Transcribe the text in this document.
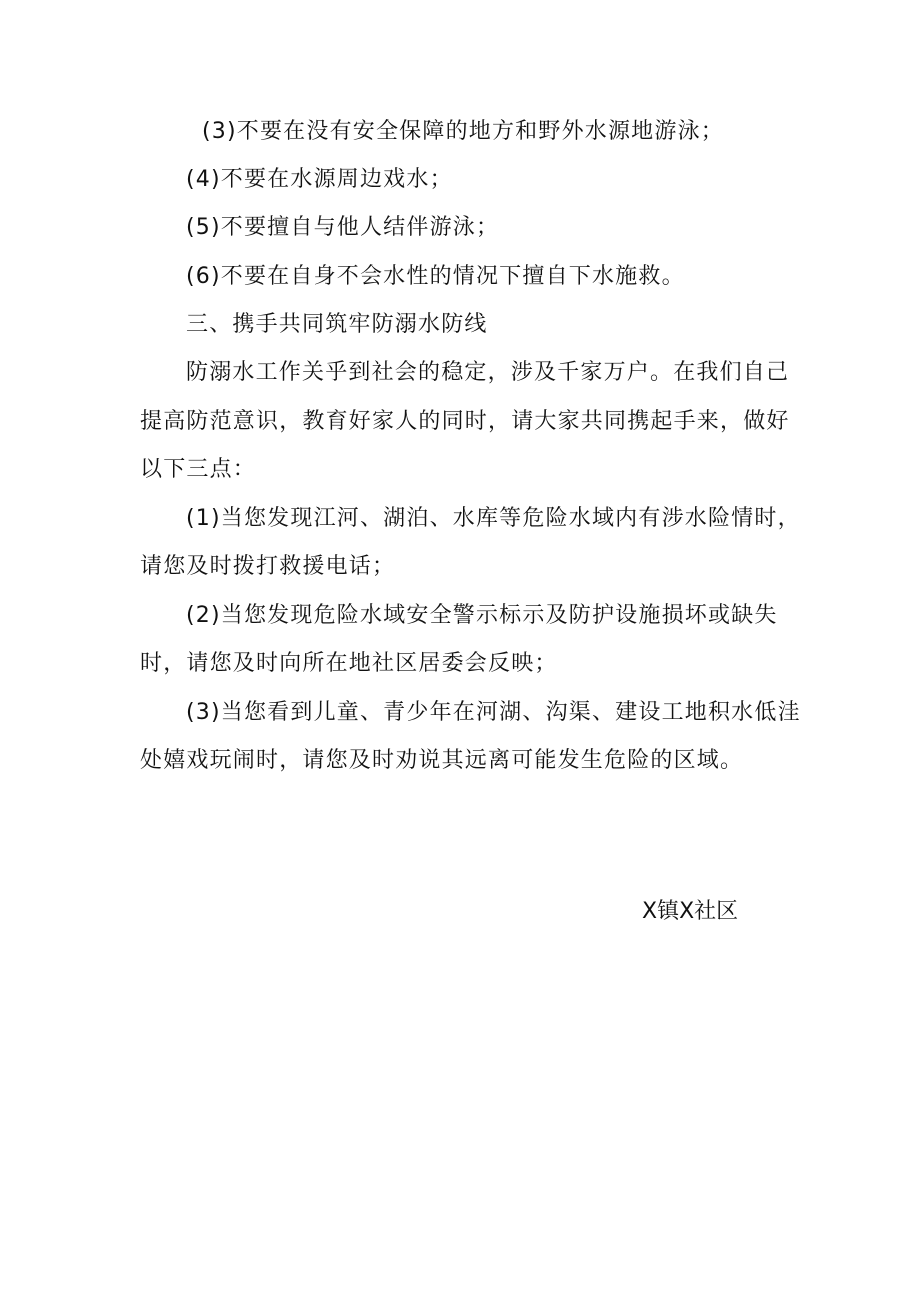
(3)不要在没有安全保障的地方和野外水源地游泳；
(4)不要在水源周边戏水；
(5)不要擅自与他人结伴游泳；
(6)不要在自身不会水性的情况下擅自下水施救。
三、携手共同筑牢防溺水防线
防溺水工作关乎到社会的稳定，涉及千家万户。在我们自己
提高防范意识，教育好家人的同时，请大家共同携起手来，做好
以下三点：
(1)当您发现江河、湖泊、水库等危险水域内有涉水险情时，
请您及时拨打救援电话；
(2)当您发现危险水域安全警示标示及防护设施损坏或缺失
时，请您及时向所在地社区居委会反映；
(3)当您看到儿童、青少年在河湖、沟渠、建设工地积水低洼
处嬉戏玩闹时，请您及时劝说其远离可能发生危险的区域。
X镇X社区
